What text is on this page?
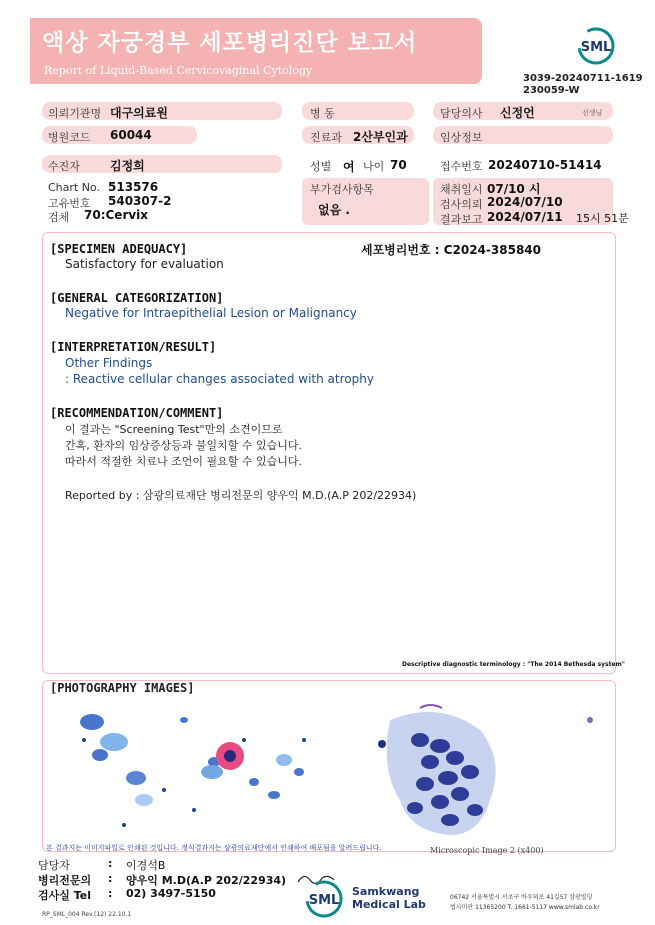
액상 자궁경부 세포병리진단 보고서
Report of Liquid-Based Cervicovaginal Cytology
SML
3039-20240711-1619
230059-W
의뢰기관명 대구의료원	병 동	담당의사 신정언	선생님
병원코드 60044	진료과 2산부인과	임상정보
수진자	김정희	성별 여 나이 70	접수번호 20240710-51414
Chart No. 513576
고유번호 540307-2
검체 70:Cervix
부가검사항목
없음 .
채취일시 07/10 시
검사의뢰 2024/07/10
결과보고 2024/07/11 15시 51분
[SPECIMEN ADEQUACY]	세포병리번호 : C2024-385840
Satisfactory for evaluation
[GENERAL CATEGORIZATION]
Negative for Intraepithelial Lesion or Malignancy
[INTERPRETATION/RESULT]
Other Findings
: Reactive cellular changes associated with atrophy
[RECOMMENDATION/COMMENT]
이 결과는 "Screening Test"만의 소견이므로
간혹, 환자의 임상증상등과 불일치할 수 있습니다.
따라서 적절한 치료나 조언이 필요할 수 있습니다.
Reported by : 삼광의료재단 병리전문의 양우익 M.D.(A.P 202/22934)
Descriptive diagnostic terminology : "The 2014 Bethesda system"
[PHOTOGRAPHY IMAGES]
본 결과지는 이미지파일로 인쇄된 것입니다. 정식결과지는 삼광의료재단에서 인쇄하여 배포됨을 알려드립니다.	Microscopic Image 2 (x400)
담당자	: 이경석B
병리전문의 : 양우익 M.D(A.P 202/22934)
검사실 Tel : 02) 3497-5150	SML
Samkwang
Medical Lab
06742 서울특별시 서초구 바우뫼로 41길57 삼광빌딩
법사미판 11365200 T. 1661-5117 www.smlab.co.kr
RP_SML_004 Rev.(12) 22.10.1
